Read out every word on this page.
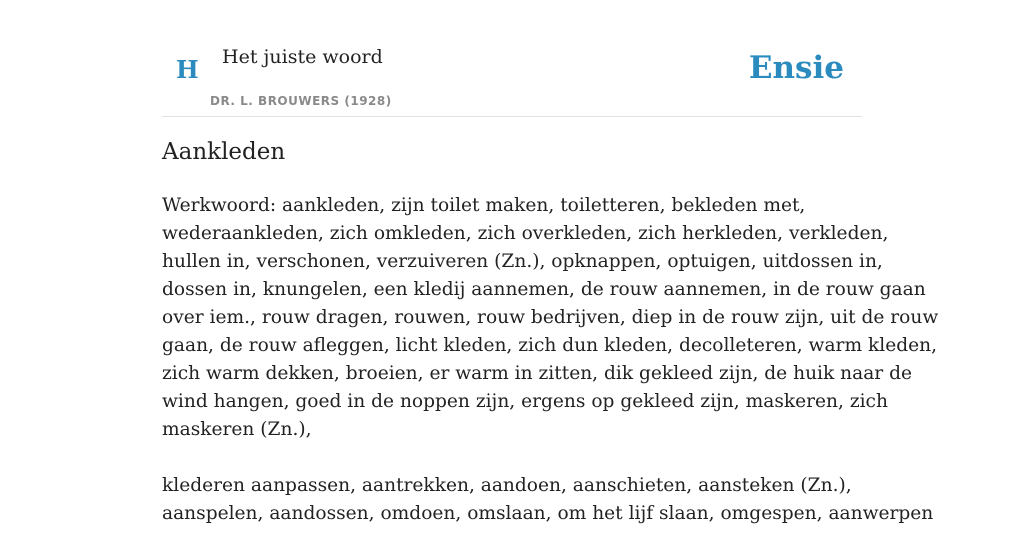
H Het juiste woord
DR. L. BROUWERS (1928)
Ensie
Aankleden

Werkwoord: aankleden, zijn toilet maken, toiletteren, bekleden met,
wederaankleden, zich omkleden, zich overkleden, zich herkleden, verkleden,
hullen in, verschonen, verzuiveren (Zn.), opknappen, optuigen, uitdossen in,
dossen in, knungelen, een kledij aannemen, de rouw aannemen, in de rouw gaan
over iem., rouw dragen, rouwen, rouw bedrijven, diep in de rouw zijn, uit de rouw
gaan, de rouw afleggen, licht kleden, zich dun kleden, decolleteren, warm kleden,
zich warm dekken, broeien, er warm in zitten, dik gekleed zijn, de huik naar de
wind hangen, goed in de noppen zijn, ergens op gekleed zijn, maskeren, zich
maskeren (Zn.),

klederen aanpassen, aantrekken, aandoen, aanschieten, aansteken (Zn.),
aanspelen, aandossen, omdoen, omslaan, om het lijf slaan, omgespen, aanwerpen
